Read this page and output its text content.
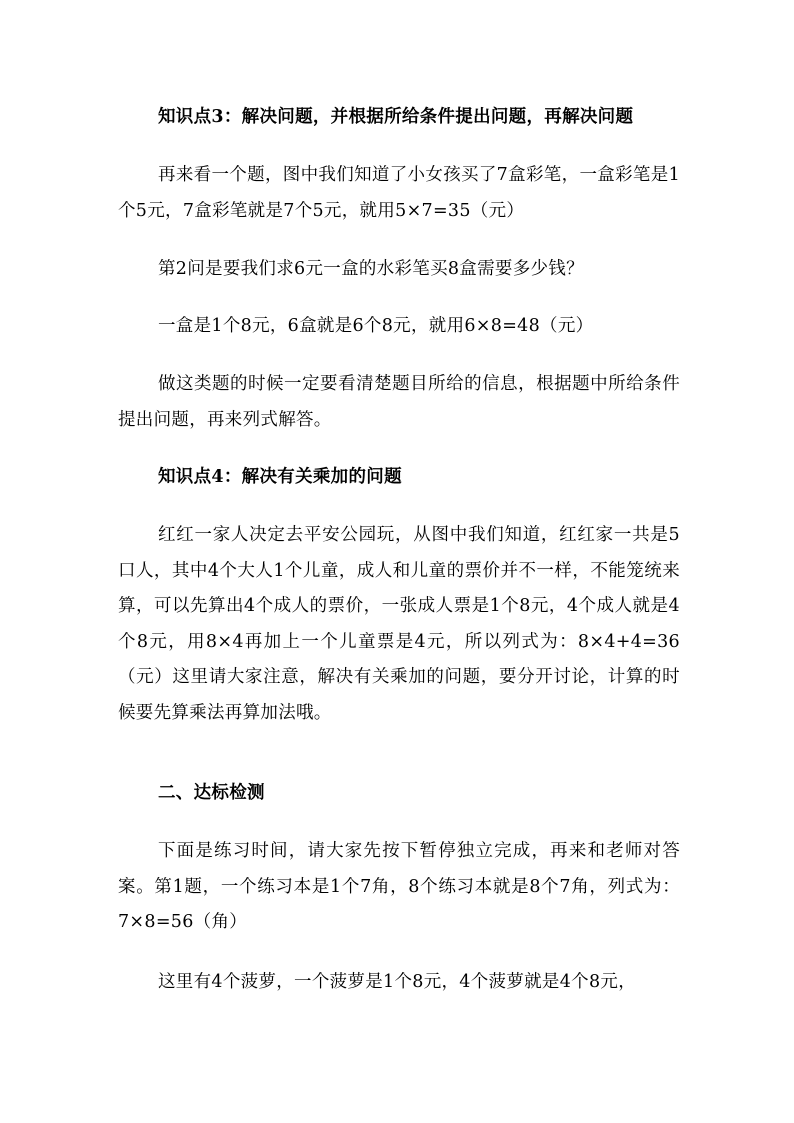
知识点3：解决问题，并根据所给条件提出问题，再解决问题

再来看一个题，图中我们知道了小女孩买了7盒彩笔，一盒彩笔是1个5元，7盒彩笔就是7个5元，就用5×7=35（元）

第2问是要我们求6元一盒的水彩笔买8盒需要多少钱？

一盒是1个8元，6盒就是6个8元，就用6×8=48（元）

做这类题的时候一定要看清楚题目所给的信息，根据题中所给条件提出问题，再来列式解答。

知识点4：解决有关乘加的问题

红红一家人决定去平安公园玩，从图中我们知道，红红家一共是5口人，其中4个大人1个儿童，成人和儿童的票价并不一样，不能笼统来算，可以先算出4个成人的票价，一张成人票是1个8元，4个成人就是4个8元，用8×4再加上一个儿童票是4元，所以列式为：8×4+4=36（元）这里请大家注意，解决有关乘加的问题，要分开讨论，计算的时候要先算乘法再算加法哦。

二、达标检测

下面是练习时间，请大家先按下暂停独立完成，再来和老师对答案。第1题，一个练习本是1个7角，8个练习本就是8个7角，列式为：7×8=56（角）

这里有4个菠萝，一个菠萝是1个8元，4个菠萝就是4个8元，
